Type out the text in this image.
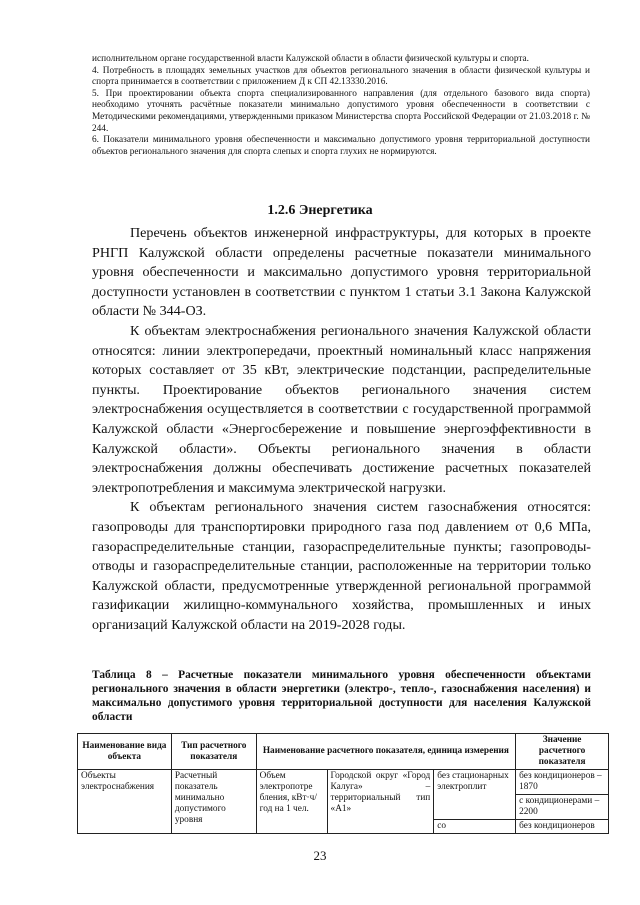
исполнительном органе государственной власти Калужской области в области физической культуры и спорта.

4. Потребность в площадях земельных участков для объектов регионального значения в области физической культуры и спорта принимается в соответствии с приложением Д к СП 42.13330.2016.

5. При проектировании объекта спорта специализированного направления (для отдельного базового вида спорта) необходимо уточнять расчётные показатели минимально допустимого уровня обеспеченности в соответствии с Методическими рекомендациями, утвержденными приказом Министерства спорта Российской Федерации от 21.03.2018 г. № 244.

6. Показатели минимального уровня обеспеченности и максимально допустимого уровня территориальной доступности объектов регионального значения для спорта слепых и спорта глухих не нормируются.

1.2.6 Энергетика

Перечень объектов инженерной инфраструктуры, для которых в проекте РНГП Калужской области определены расчетные показатели минимального уровня обеспеченности и максимально допустимого уровня территориальной доступности установлен в соответствии с пунктом 1 статьи 3.1 Закона Калужской области № 344-ОЗ.

К объектам электроснабжения регионального значения Калужской области относятся: линии электропередачи, проектный номинальный класс напряжения которых составляет от 35 кВт, электрические подстанции, распределительные пункты. Проектирование объектов регионального значения систем электроснабжения осуществляется в соответствии с государственной программой Калужской области «Энергосбережение и повышение энергоэффективности в Калужской области». Объекты регионального значения в области электроснабжения должны обеспечивать достижение расчетных показателей электропотребления и максимума электрической нагрузки.

К объектам регионального значения систем газоснабжения относятся: газопроводы для транспортировки природного газа под давлением от 0,6 МПа, газораспределительные станции, газораспределительные пункты; газопроводы-отводы и газораспределительные станции, расположенные на территории только Калужской области, предусмотренные утвержденной региональной программой газификации жилищно-коммунального хозяйства, промышленных и иных организаций Калужской области на 2019-2028 годы.

Таблица 8 – Расчетные показатели минимального уровня обеспеченности объектами регионального значения в области энергетики (электро-, тепло-, газоснабжения населения) и максимально допустимого уровня территориальной доступности для населения Калужской области
Наименование вида объекта	Тип расчетного показателя	Наименование расчетного показателя, единица измерения			Значение расчетного показателя
Объекты электроснабжения	Расчетный показатель минимально допустимого уровня	Объем электропотре бления, кВт·ч/год на 1 чел.	Городской округ «Город Калуга» – территориальный тип «А1»	без стационарных электроплит	без кондиционеров – 1870
					с кондиционерами – 2200
				со	без кондиционеров
23
